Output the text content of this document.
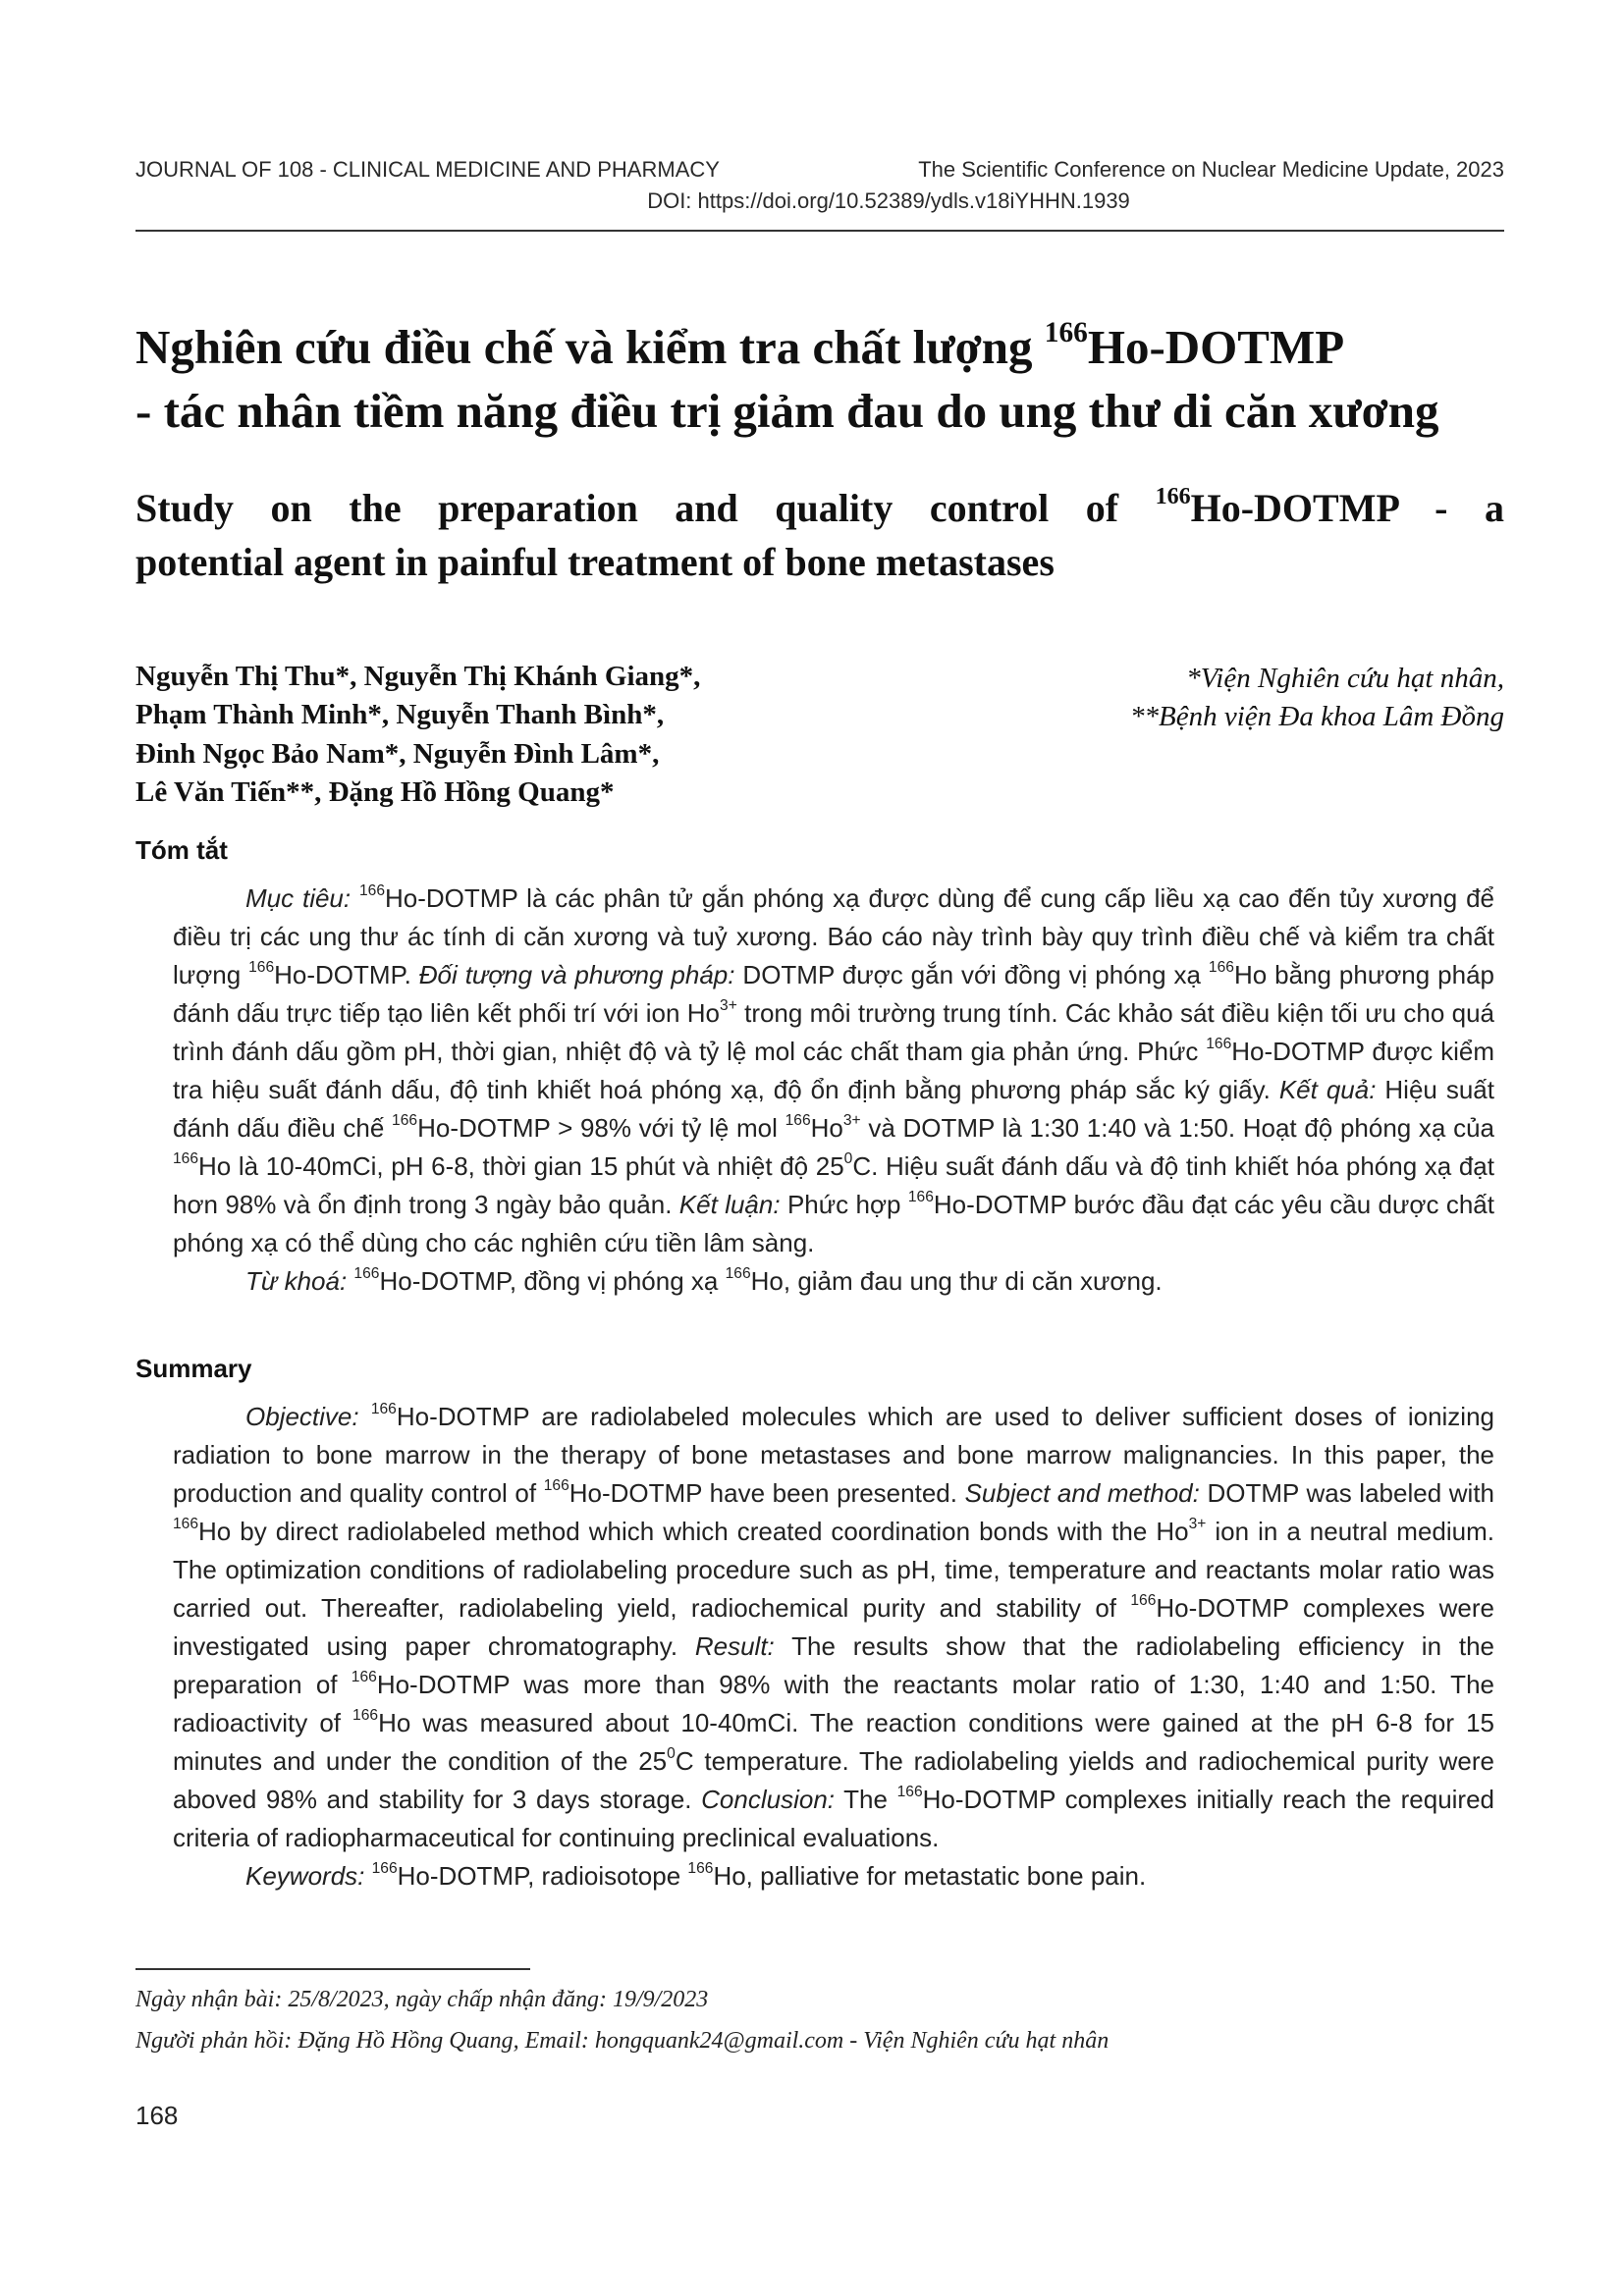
JOURNAL OF 108 - CLINICAL MEDICINE AND PHARMACY	The Scientific Conference on Nuclear Medicine Update, 2023
DOI: https://doi.org/10.52389/ydls.v18iYHHN.1939
Nghiên cứu điều chế và kiểm tra chất lượng $^{166}$Ho-DOTMP
- tác nhân tiềm năng điều trị giảm đau do ung thư di căn xương
Study on the preparation and quality control of $^{166}$Ho-DOTMP - a
potential agent in painful treatment of bone metastases
Nguyễn Thị Thu*, Nguyễn Thị Khánh Giang*,
Phạm Thành Minh*, Nguyễn Thanh Bình*,
Đinh Ngọc Bảo Nam*, Nguyễn Đình Lâm*,
Lê Văn Tiến**, Đặng Hồ Hồng Quang*
*Viện Nghiên cứu hạt nhân,
**Bệnh viện Đa khoa Lâm Đồng
Tóm tắt

Mục tiêu: $^{166}$Ho-DOTMP là các phân tử gắn phóng xạ được dùng để cung cấp liều xạ cao đến tủy xương để điều trị các ung thư ác tính di căn xương và tuỷ xương. Báo cáo này trình bày quy trình điều chế và kiểm tra chất lượng $^{166}$Ho-DOTMP. Đối tượng và phương pháp: DOTMP được gắn với đồng vị phóng xạ $^{166}$Ho bằng phương pháp đánh dấu trực tiếp tạo liên kết phối trí với ion $Ho^{3+}$ trong môi trường trung tính. Các khảo sát điều kiện tối ưu cho quá trình đánh dấu gồm pH, thời gian, nhiệt độ và tỷ lệ mol các chất tham gia phản ứng. Phức $^{166}$Ho-DOTMP được kiểm tra hiệu suất đánh dấu, độ tinh khiết hoá phóng xạ, độ ổn định bằng phương pháp sắc ký giấy. Kết quả: Hiệu suất đánh dấu điều chế $^{166}$Ho-DOTMP > 98% với tỷ lệ mol $^{166}Ho^{3+}$ và DOTMP là 1:30 1:40 và 1:50. Hoạt độ phóng xạ của $^{166}$Ho là 10-40mCi, pH 6-8, thời gian 15 phút và nhiệt độ $25^0C$. Hiệu suất đánh dấu và độ tinh khiết hóa phóng xạ đạt hơn 98% và ổn định trong 3 ngày bảo quản. Kết luận: Phức hợp $^{166}$Ho-DOTMP bước đầu đạt các yêu cầu dược chất phóng xạ có thể dùng cho các nghiên cứu tiền lâm sàng.

Từ khoá: $^{166}$Ho-DOTMP, đồng vị phóng xạ $^{166}$Ho, giảm đau ung thư di căn xương.

Summary

Objective: $^{166}$Ho-DOTMP are radiolabeled molecules which are used to deliver sufficient doses of ionizing radiation to bone marrow in the therapy of bone metastases and bone marrow malignancies. In this paper, the production and quality control of $^{166}$Ho-DOTMP have been presented. Subject and method: DOTMP was labeled with $^{166}$Ho by direct radiolabeled method which which created coordination bonds with the $Ho^{3+}$ ion in a neutral medium. The optimization conditions of radiolabeling procedure such as pH, time, temperature and reactants molar ratio was carried out. Thereafter, radiolabeling yield, radiochemical purity and stability of $^{166}$Ho-DOTMP complexes were investigated using paper chromatography. Result: The results show that the radiolabeling efficiency in the preparation of $^{166}$Ho-DOTMP was more than 98% with the reactants molar ratio of 1:30, 1:40 and 1:50. The radioactivity of $^{166}$Ho was measured about 10-40mCi. The reaction conditions were gained at the pH 6-8 for 15 minutes and under the condition of the $25^0C$ temperature. The radiolabeling yields and radiochemical purity were aboved 98% and stability for 3 days storage. Conclusion: The $^{166}$Ho-DOTMP complexes initially reach the required criteria of radiopharmaceutical for continuing preclinical evaluations.

Keywords: $^{166}$Ho-DOTMP, radioisotope $^{166}$Ho, palliative for metastatic bone pain.

Ngày nhận bài: 25/8/2023, ngày chấp nhận đăng: 19/9/2023
Người phản hồi: Đặng Hồ Hồng Quang, Email: hongquank24@gmail.com - Viện Nghiên cứu hạt nhân
168
